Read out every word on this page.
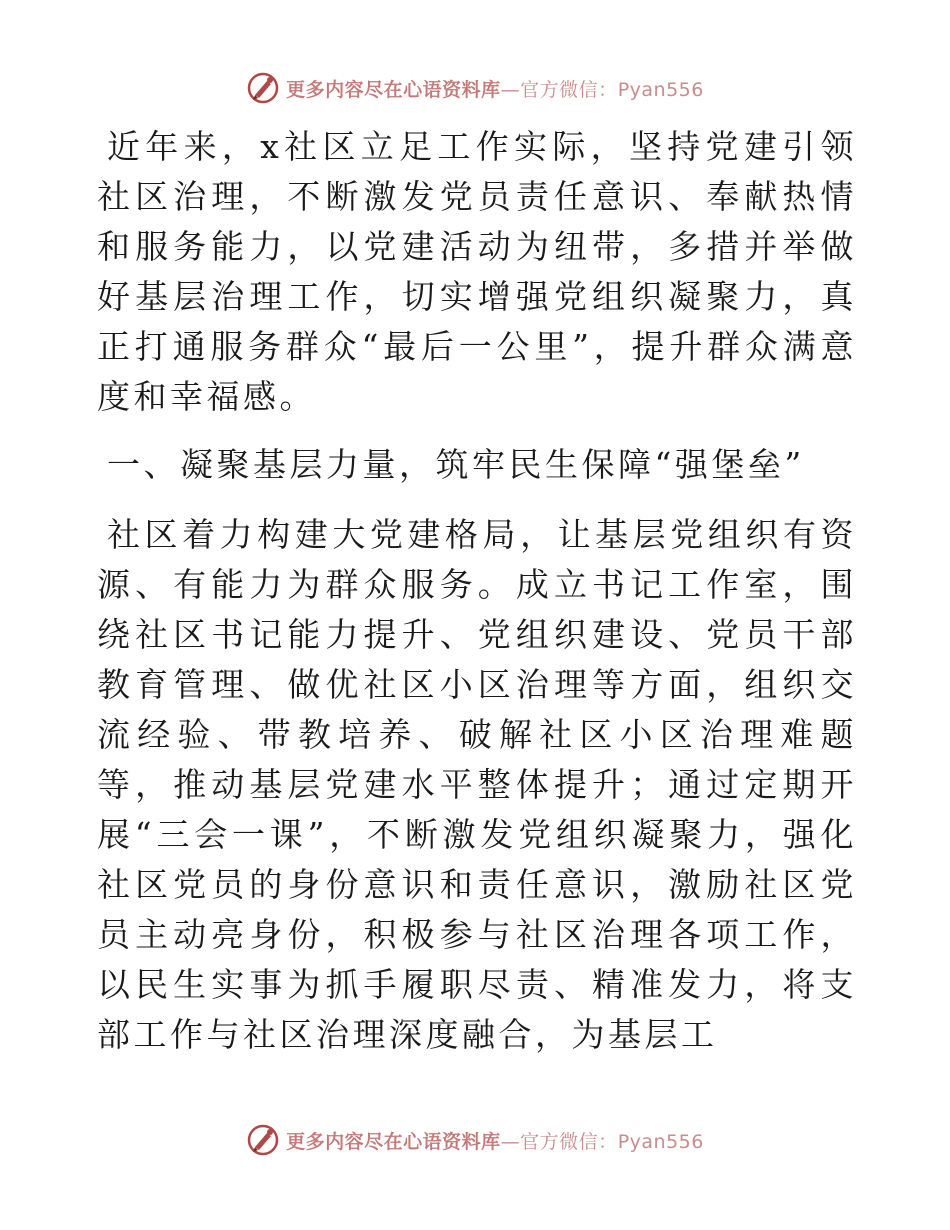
更多内容尽在心语资料库—官方微信：Pyan556

近年来，x社区立足工作实际，坚持党建引领社区治理，不断激发党员责任意识、奉献热情和服务能力，以党建活动为纽带，多措并举做好基层治理工作，切实增强党组织凝聚力，真正打通服务群众“最后一公里”，提升群众满意度和幸福感。

一、凝聚基层力量，筑牢民生保障“强堡垒”

社区着力构建大党建格局，让基层党组织有资源、有能力为群众服务。成立书记工作室，围绕社区书记能力提升、党组织建设、党员干部教育管理、做优社区小区治理等方面，组织交流经验、带教培养、破解社区小区治理难题等，推动基层党建水平整体提升；通过定期开展“三会一课”，不断激发党组织凝聚力，强化社区党员的身份意识和责任意识，激励社区党员主动亮身份，积极参与社区治理各项工作，以民生实事为抓手履职尽责、精准发力，将支部工作与社区治理深度融合，为基层工

更多内容尽在心语资料库—官方微信：Pyan556
